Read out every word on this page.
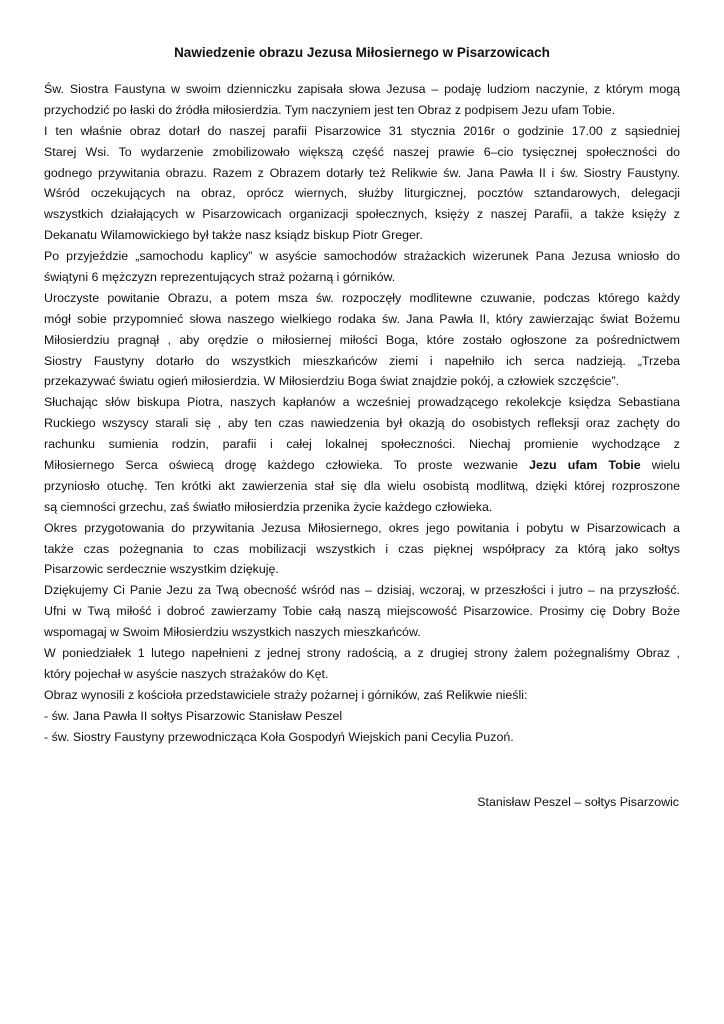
Nawiedzenie obrazu Jezusa Miłosiernego w Pisarzowicach
Św. Siostra Faustyna w swoim dzienniczku zapisała słowa Jezusa – podaję ludziom naczynie, z którym mogą
przychodzić po łaski do źródła miłosierdzia. Tym naczyniem jest ten Obraz z podpisem Jezu ufam Tobie.
I ten właśnie obraz dotarł do naszej parafii Pisarzowice 31 stycznia 2016r o godzinie 17.00 z sąsiedniej
Starej Wsi. To wydarzenie zmobilizowało większą część naszej prawie 6–cio tysięcznej społeczności do
godnego przywitania obrazu. Razem z Obrazem dotarły też Relikwie św. Jana Pawła II i św. Siostry Faustyny.
Wśród oczekujących na obraz, oprócz wiernych, służby liturgicznej, pocztów sztandarowych, delegacji
wszystkich działających w Pisarzowicach organizacji społecznych, księży z naszej Parafii, a także księży z
Dekanatu Wilamowickiego był także nasz ksiądz biskup Piotr Greger.
Po przyjeździe „samochodu kaplicy” w asyście samochodów strażackich wizerunek Pana Jezusa wniosło do
świątyni 6 mężczyzn reprezentujących straż pożarną i górników.
Uroczyste powitanie Obrazu, a potem msza św. rozpoczęły modlitewne czuwanie, podczas którego każdy
mógł sobie przypomnieć słowa naszego wielkiego rodaka św. Jana Pawła II, który zawierzając świat Bożemu
Miłosierdziu pragnął , aby orędzie o miłosiernej miłości Boga, które zostało ogłoszone za pośrednictwem
Siostry Faustyny dotarło do wszystkich mieszkańców ziemi i napełniło ich serca nadzieją. „Trzeba
przekazywać światu ogień miłosierdzia. W Miłosierdziu Boga świat znajdzie pokój, a człowiek szczęście”.
Słuchając słów biskupa Piotra, naszych kapłanów a wcześniej prowadzącego rekolekcje księdza Sebastiana
Ruckiego wszyscy starali się , aby ten czas nawiedzenia był okazją do osobistych refleksji oraz zachęty do
rachunku sumienia rodzin, parafii i całej lokalnej społeczności. Niechaj promienie wychodzące z
Miłosiernego Serca oświecą drogę każdego człowieka. To proste wezwanie Jezu ufam Tobie wielu
przyniosło otuchę. Ten krótki akt zawierzenia stał się dla wielu osobistą modlitwą, dzięki której rozproszone
są ciemności grzechu, zaś światło miłosierdzia przenika życie każdego człowieka.
Okres przygotowania do przywitania Jezusa Miłosiernego, okres jego powitania i pobytu w Pisarzowicach a
także czas pożegnania to czas mobilizacji wszystkich i czas pięknej współpracy za którą jako sołtys
Pisarzowic serdecznie wszystkim dziękuję.
Dziękujemy Ci Panie Jezu za Twą obecność wśród nas – dzisiaj, wczoraj, w przeszłości i jutro – na przyszłość.
Ufni w Twą miłość i dobroć zawierzamy Tobie całą naszą miejscowość Pisarzowice. Prosimy cię Dobry Boże
wspomagaj w Swoim Miłosierdziu wszystkich naszych mieszkańców.
W poniedziałek 1 lutego napełnieni z jednej strony radością, a z drugiej strony żalem pożegnaliśmy Obraz ,
który pojechał w asyście naszych strażaków do Kęt.
Obraz wynosili z kościoła przedstawiciele straży pożarnej i górników, zaś Relikwie nieśli:
- św. Jana Pawła II sołtys Pisarzowic Stanisław Peszel
- św. Siostry Faustyny przewodnicząca Koła Gospodyń Wiejskich pani Cecylia Puzoń.
Stanisław Peszel – sołtys Pisarzowic
